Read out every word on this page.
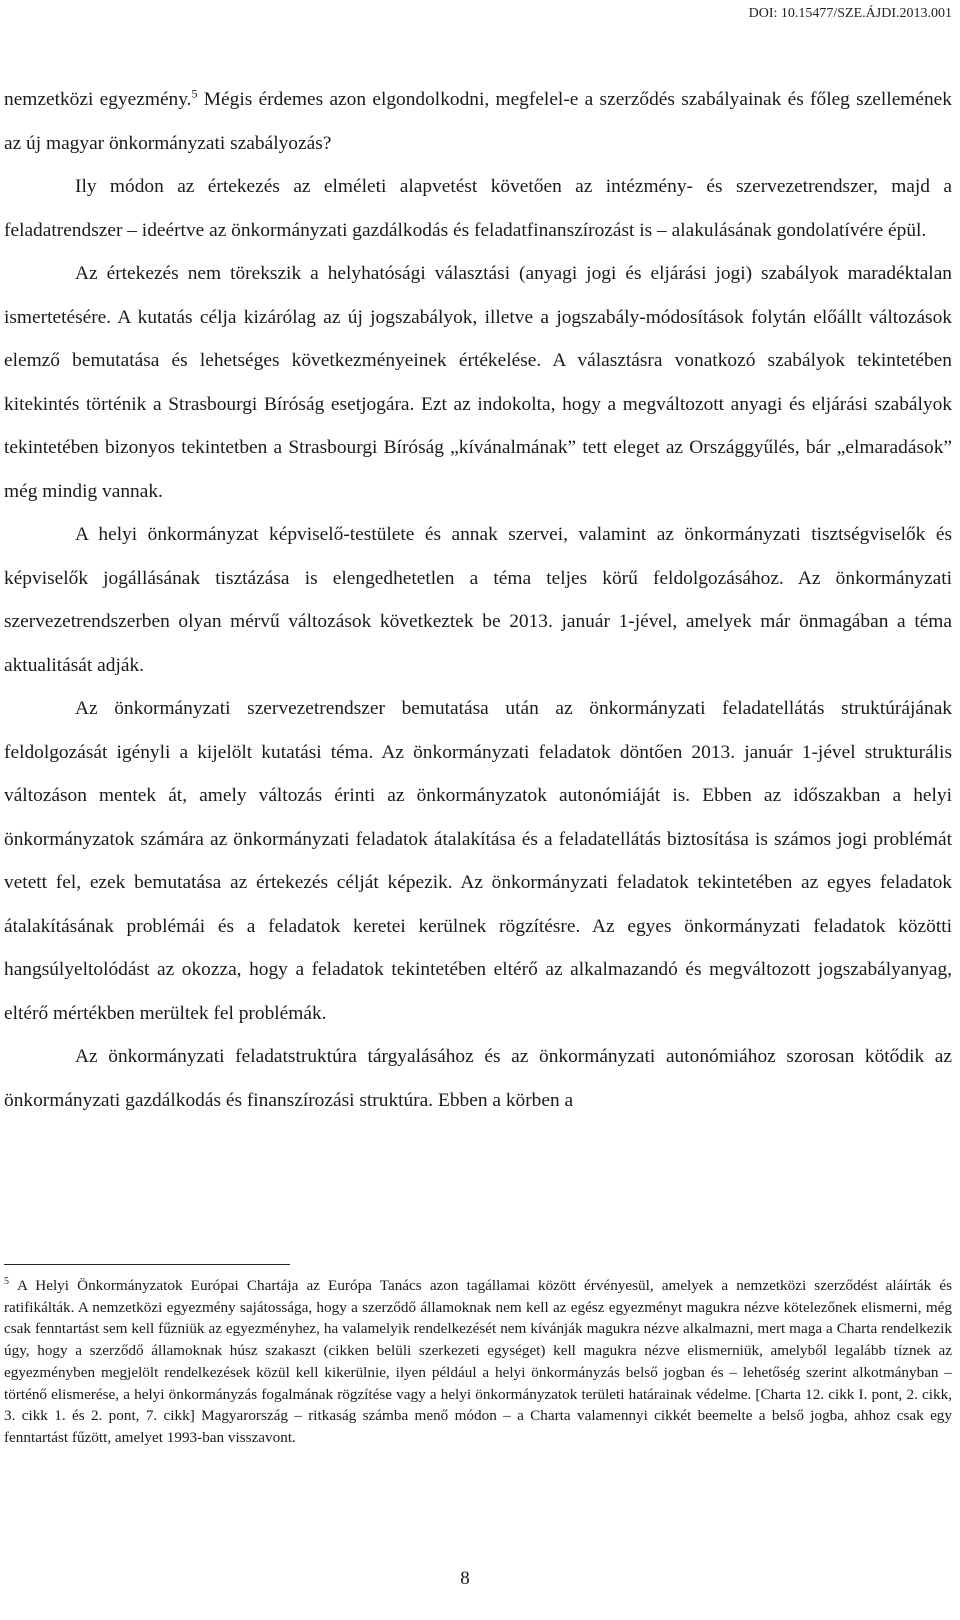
DOI: 10.15477/SZE.ÁJDI.2013.001

nemzetközi egyezmény.$^5$ Mégis érdemes azon elgondolkodni, megfelel-e a szerződés szabályainak és főleg szellemének az új magyar önkormányzati szabályozás?

Ily módon az értekezés az elméleti alapvetést követően az intézmény- és szervezetrendszer, majd a feladatrendszer – ideértve az önkormányzati gazdálkodás és feladatfinanszírozást is – alakulásának gondolatívére épül.

Az értekezés nem törekszik a helyhatósági választási (anyagi jogi és eljárási jogi) szabályok maradéktalan ismertetésére. A kutatás célja kizárólag az új jogszabályok, illetve a jogszabály-módosítások folytán előállt változások elemző bemutatása és lehetséges következményeinek értékelése. A választásra vonatkozó szabályok tekintetében kitekintés történik a Strasbourgi Bíróság esetjogára. Ezt az indokolta, hogy a megváltozott anyagi és eljárási szabályok tekintetében bizonyos tekintetben a Strasbourgi Bíróság „kívánalmának” tett eleget az Országgyűlés, bár „elmaradások” még mindig vannak.

A helyi önkormányzat képviselő-testülete és annak szervei, valamint az önkormányzati tisztségviselők és képviselők jogállásának tisztázása is elengedhetetlen a téma teljes körű feldolgozásához. Az önkormányzati szervezetrendszerben olyan mérvű változások következtek be 2013. január 1-jével, amelyek már önmagában a téma aktualitását adják.

Az önkormányzati szervezetrendszer bemutatása után az önkormányzati feladatellátás struktúrájának feldolgozását igényli a kijelölt kutatási téma. Az önkormányzati feladatok döntően 2013. január 1-jével strukturális változáson mentek át, amely változás érinti az önkormányzatok autonómiáját is. Ebben az időszakban a helyi önkormányzatok számára az önkormányzati feladatok átalakítása és a feladatellátás biztosítása is számos jogi problémát vetett fel, ezek bemutatása az értekezés célját képezik. Az önkormányzati feladatok tekintetében az egyes feladatok átalakításának problémái és a feladatok keretei kerülnek rögzítésre. Az egyes önkormányzati feladatok közötti hangsúlyeltolódást az okozza, hogy a feladatok tekintetében eltérő az alkalmazandó és megváltozott jogszabályanyag, eltérő mértékben merültek fel problémák.

Az önkormányzati feladatstruktúra tárgyalásához és az önkormányzati autonómiához szorosan kötődik az önkormányzati gazdálkodás és finanszírozási struktúra. Ebben a körben a

$^5$ A Helyi Önkormányzatok Európai Chartája az Európa Tanács azon tagállamai között érvényesül, amelyek a nemzetközi szerződést aláírták és ratifikálták. A nemzetközi egyezmény sajátossága, hogy a szerződő államoknak nem kell az egész egyezményt magukra nézve kötelezőnek elismerni, még csak fenntartást sem kell fűzniük az egyezményhez, ha valamelyik rendelkezését nem kívánják magukra nézve alkalmazni, mert maga a Charta rendelkezik úgy, hogy a szerződő államoknak húsz szakaszt (cikken belüli szerkezeti egységet) kell magukra nézve elismerniük, amelyből legalább tíznek az egyezményben megjelölt rendelkezések közül kell kikerülnie, ilyen például a helyi önkormányzás belső jogban és – lehetőség szerint alkotmányban – történő elismerése, a helyi önkormányzás fogalmának rögzítése vagy a helyi önkormányzatok területi határainak védelme. [Charta 12. cikk I. pont, 2. cikk, 3. cikk 1. és 2. pont, 7. cikk] Magyarország – ritkaság számba menő módon – a Charta valamennyi cikkét beemelte a belső jogba, ahhoz csak egy fenntartást fűzött, amelyet 1993-ban visszavont.

8
